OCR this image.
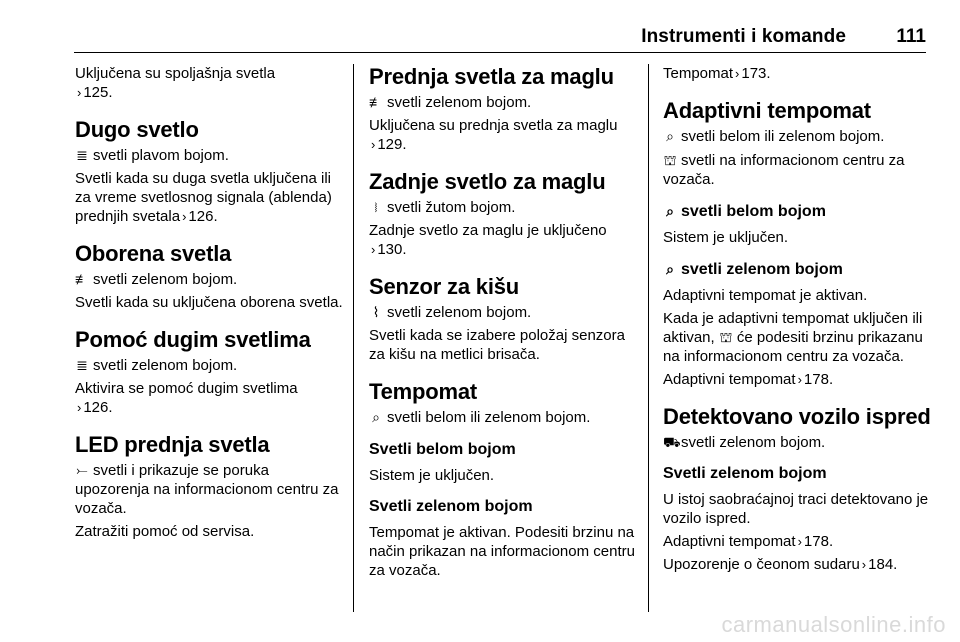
Instrumenti i komande	111

Uključena su spoljašnja svetla
› 125.

Dugo svetlo

≣ svetli plavom bojom.

Svetli kada su duga svetla uključena ili za vreme svetlosnog signala (ablenda) prednjih svetala › 126.

Oborena svetla

≢ svetli zelenom bojom.

Svetli kada su uključena oborena svetla.

Pomoć dugim svetlima

≣ svetli zelenom bojom.

Aktivira se pomoć dugim svetlima
› 126.

LED prednja svetla

⤚ svetli i prikazuje se poruka upozorenja na informacionom centru za vozača.

Zatražiti pomoć od servisa.

Prednja svetla za maglu

≢ svetli zelenom bojom.

Uključena su prednja svetla za maglu
› 129.

Zadnje svetlo za maglu

⧘ svetli žutom bojom.

Zadnje svetlo za maglu je uključeno
› 130.

Senzor za kišu

⌇ svetli zelenom bojom.

Svetli kada se izabere položaj senzora za kišu na metlici brisača.

Tempomat

⌕ svetli belom ili zelenom bojom.

Svetli belom bojom

Sistem je uključen.

Svetli zelenom bojom

Tempomat je aktivan. Podesiti brzinu na način prikazan na informacionom centru za vozača.

Tempomat › 173.

Adaptivni tempomat

⌕ svetli belom ili zelenom bojom.

⛫ svetli na informacionom centru za vozača.

⌕ svetli belom bojom

Sistem je uključen.

⌕ svetli zelenom bojom

Adaptivni tempomat je aktivan.

Kada je adaptivni tempomat uključen ili aktivan, ⛫ će podesiti brzinu prikazanu na informacionom centru za vozača.

Adaptivni tempomat › 178.

Detektovano vozilo ispred

⛟svetli zelenom bojom.

Svetli zelenom bojom

U istoj saobraćajnoj traci detektovano je vozilo ispred.

Adaptivni tempomat › 178.

Upozorenje o čeonom sudaru › 184.

carmanualsonline.info
